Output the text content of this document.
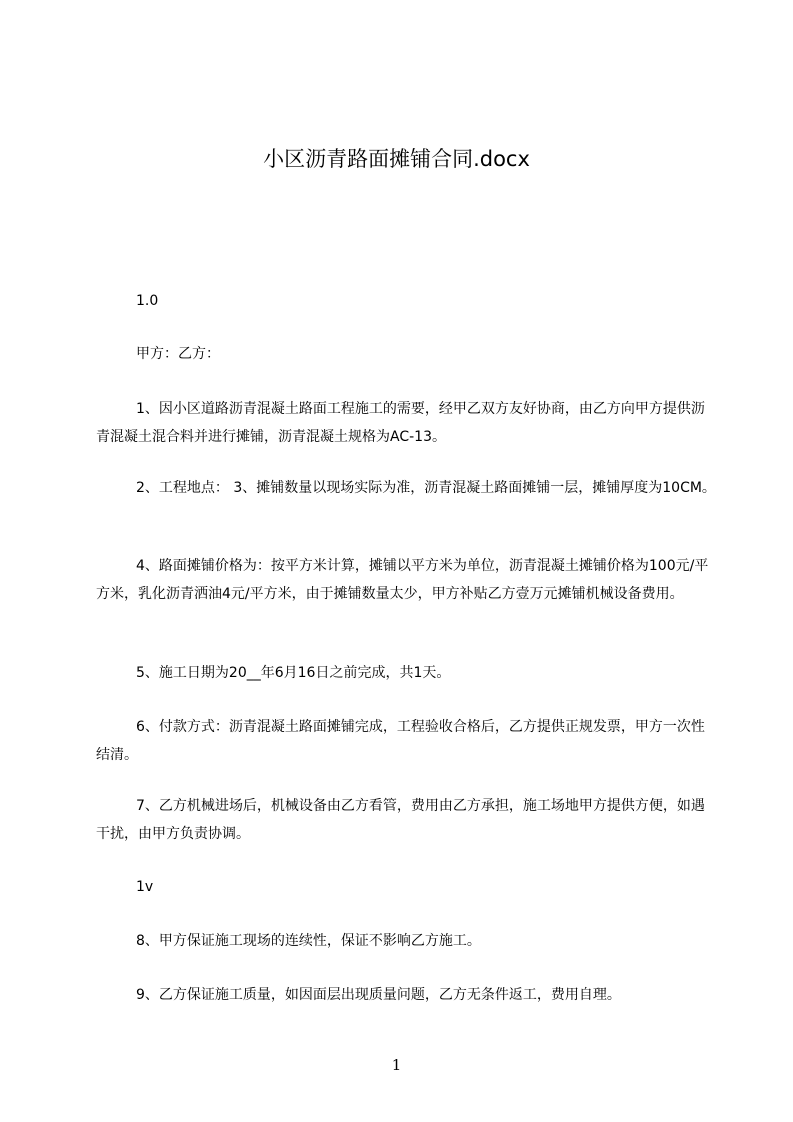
小区沥青路面摊铺合同.docx

1.0

甲方：乙方：

1、因小区道路沥青混凝土路面工程施工的需要，经甲乙双方友好协商，由乙方向甲方提供沥青混凝土混合料并进行摊铺，沥青混凝土规格为AC-13。

2、工程地点： 3、摊铺数量以现场实际为准，沥青混凝土路面摊铺一层，摊铺厚度为10CM。

4、路面摊铺价格为：按平方米计算，摊铺以平方米为单位，沥青混凝土摊铺价格为100元/平方米，乳化沥青洒油4元/平方米，由于摊铺数量太少，甲方补贴乙方壹万元摊铺机械设备费用。

5、施工日期为20__年6月16日之前完成，共1天。

6、付款方式：沥青混凝土路面摊铺完成，工程验收合格后，乙方提供正规发票，甲方一次性结清。

7、乙方机械进场后，机械设备由乙方看管，费用由乙方承担，施工场地甲方提供方便，如遇干扰，由甲方负责协调。

1v

8、甲方保证施工现场的连续性，保证不影响乙方施工。

9、乙方保证施工质量，如因面层出现质量问题，乙方无条件返工，费用自理。

1
